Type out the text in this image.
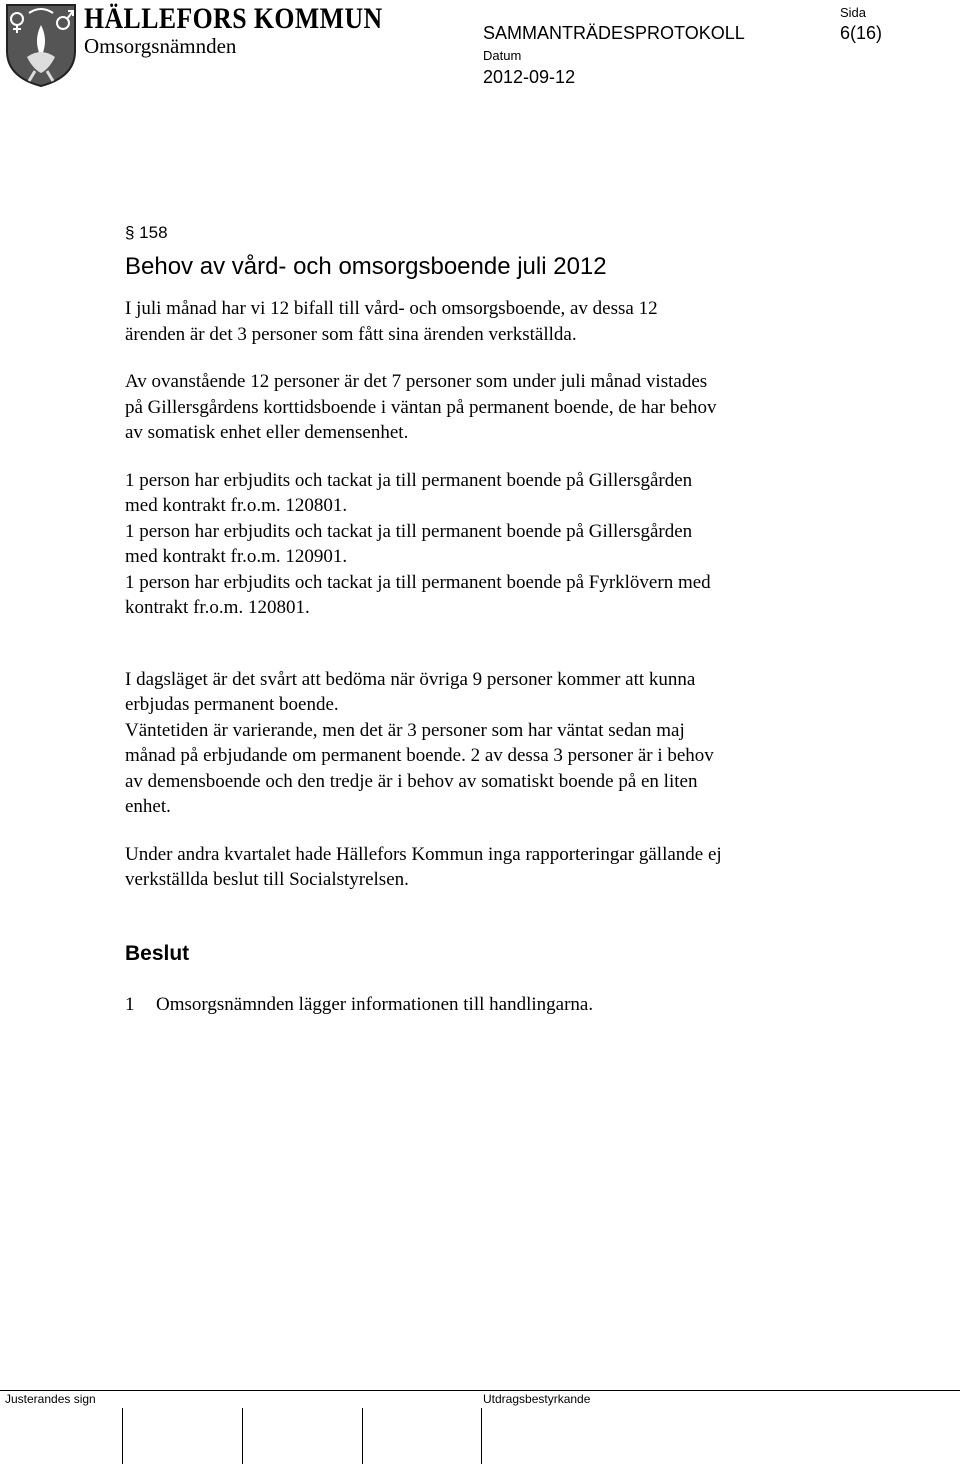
HÄLLEFORS KOMMUN
Omsorgsnämnden
SAMMANTRÄDESPROTOKOLL
Sida
6(16)
Datum
2012-09-12
§ 158
Behov av vård- och omsorgsboende juli 2012

I juli månad har vi 12 bifall till vård- och omsorgsboende, av dessa 12

ärenden är det 3 personer som fått sina ärenden verkställda.

Av ovanstående 12 personer är det 7 personer som under juli månad vistades

på Gillersgårdens korttidsboende i väntan på permanent boende, de har behov

av somatisk enhet eller demensenhet.

1 person har erbjudits och tackat ja till permanent boende på Gillersgården

med kontrakt fr.o.m. 120801.

1 person har erbjudits och tackat ja till permanent boende på Gillersgården

med kontrakt fr.o.m. 120901.

1 person har erbjudits och tackat ja till permanent boende på Fyrklövern med

kontrakt fr.o.m. 120801.

I dagsläget är det svårt att bedöma när övriga 9 personer kommer att kunna

erbjudas permanent boende.

Väntetiden är varierande, men det är 3 personer som har väntat sedan maj

månad på erbjudande om permanent boende. 2 av dessa 3 personer är i behov

av demensboende och den tredje är i behov av somatiskt boende på en liten

enhet.

Under andra kvartalet hade Hällefors Kommun inga rapporteringar gällande ej

verkställda beslut till Socialstyrelsen.

Beslut
1 Omsorgsnämnden lägger informationen till handlingarna.
Justerandes sign	Utdragsbestyrkande
